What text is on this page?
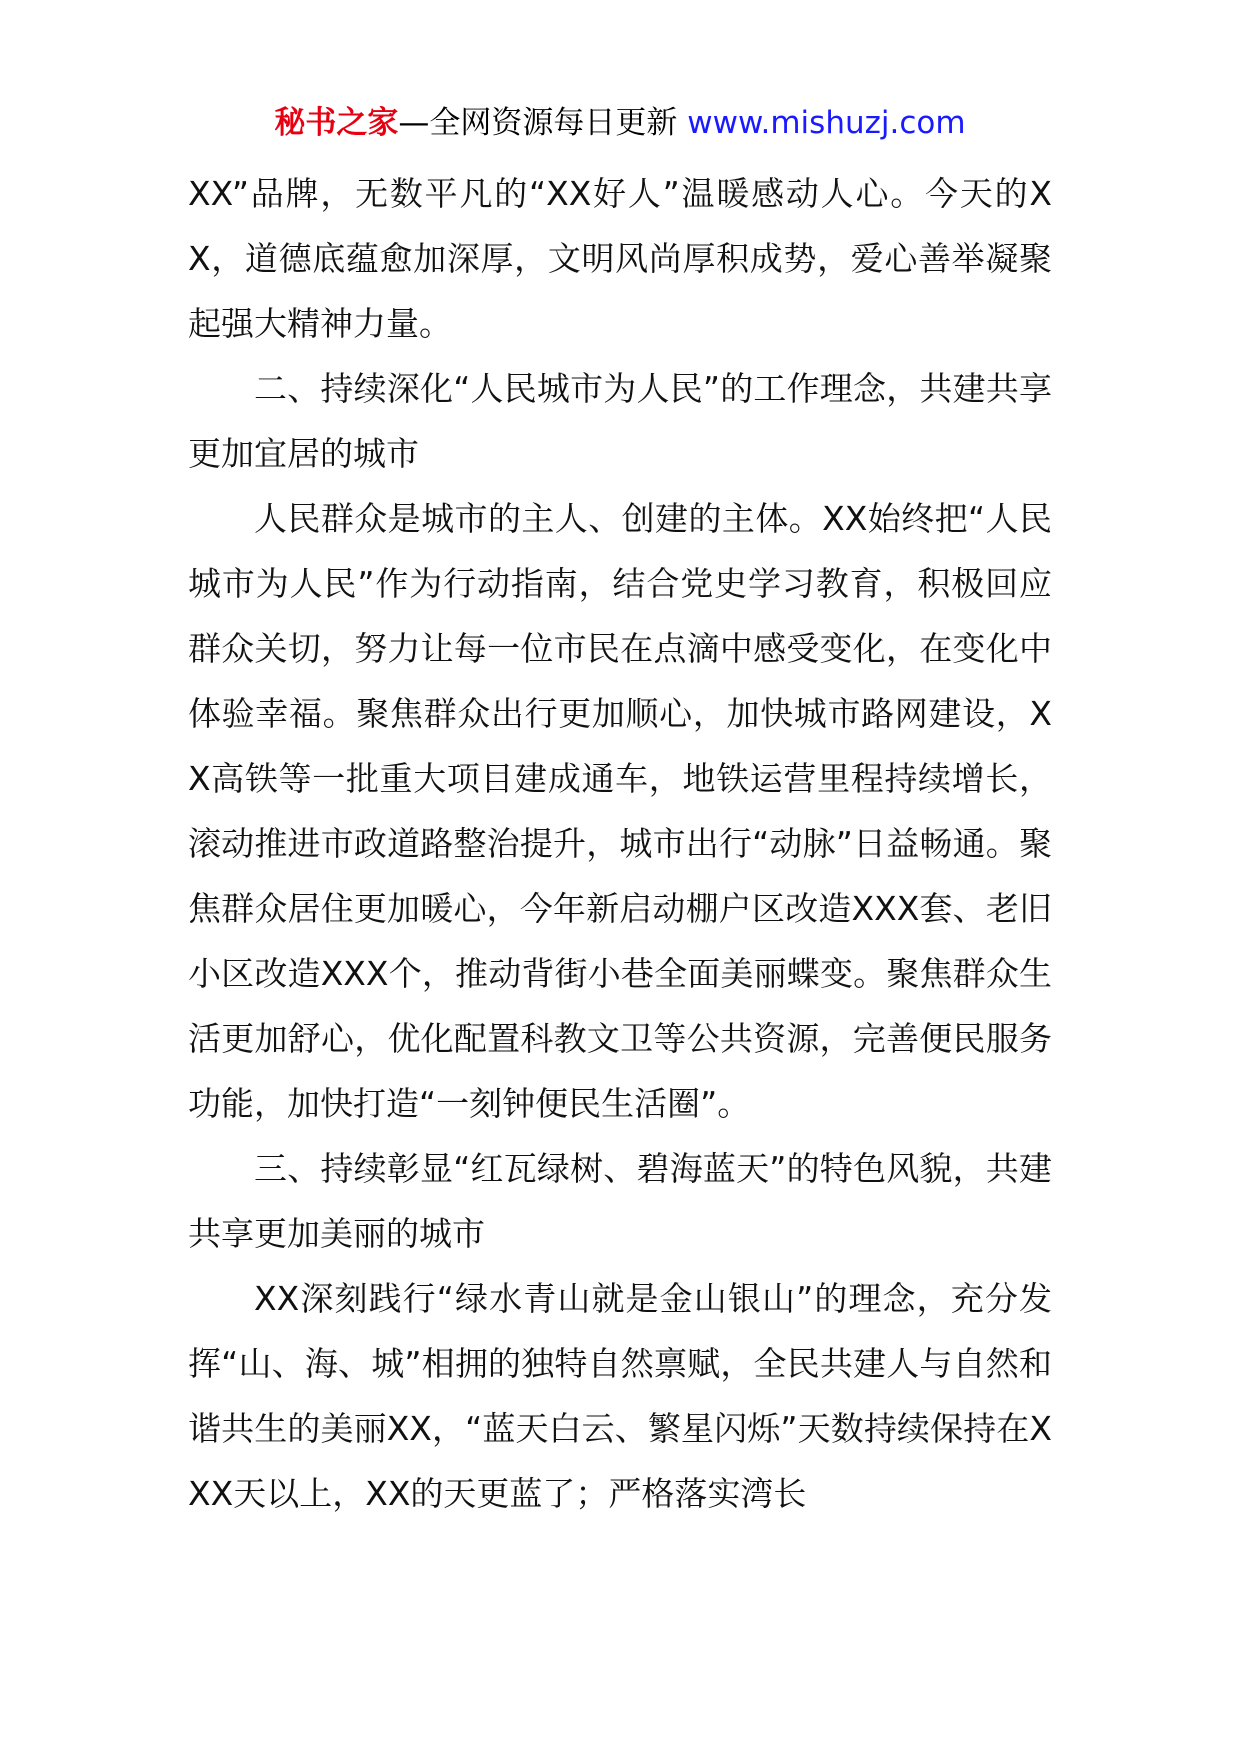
秘书之家—全网资源每日更新 www.mishuzj.com

XX”品牌，无数平凡的“XX好人”温暖感动人心。今天的XX，道德底蕴愈加深厚，文明风尚厚积成势，爱心善举凝聚起强大精神力量。

二、持续深化“人民城市为人民”的工作理念，共建共享更加宜居的城市

人民群众是城市的主人、创建的主体。XX始终把“人民城市为人民”作为行动指南，结合党史学习教育，积极回应群众关切，努力让每一位市民在点滴中感受变化，在变化中体验幸福。聚焦群众出行更加顺心，加快城市路网建设，XX高铁等一批重大项目建成通车，地铁运营里程持续增长，滚动推进市政道路整治提升，城市出行“动脉”日益畅通。聚焦群众居住更加暖心，今年新启动棚户区改造XXX套、老旧小区改造XXX个，推动背街小巷全面美丽蝶变。聚焦群众生活更加舒心，优化配置科教文卫等公共资源，完善便民服务功能，加快打造“一刻钟便民生活圈”。

三、持续彰显“红瓦绿树、碧海蓝天”的特色风貌，共建共享更加美丽的城市

XX深刻践行“绿水青山就是金山银山”的理念，充分发挥“山、海、城”相拥的独特自然禀赋，全民共建人与自然和谐共生的美丽XX，“蓝天白云、繁星闪烁”天数持续保持在XXX天以上，XX的天更蓝了；严格落实湾长
